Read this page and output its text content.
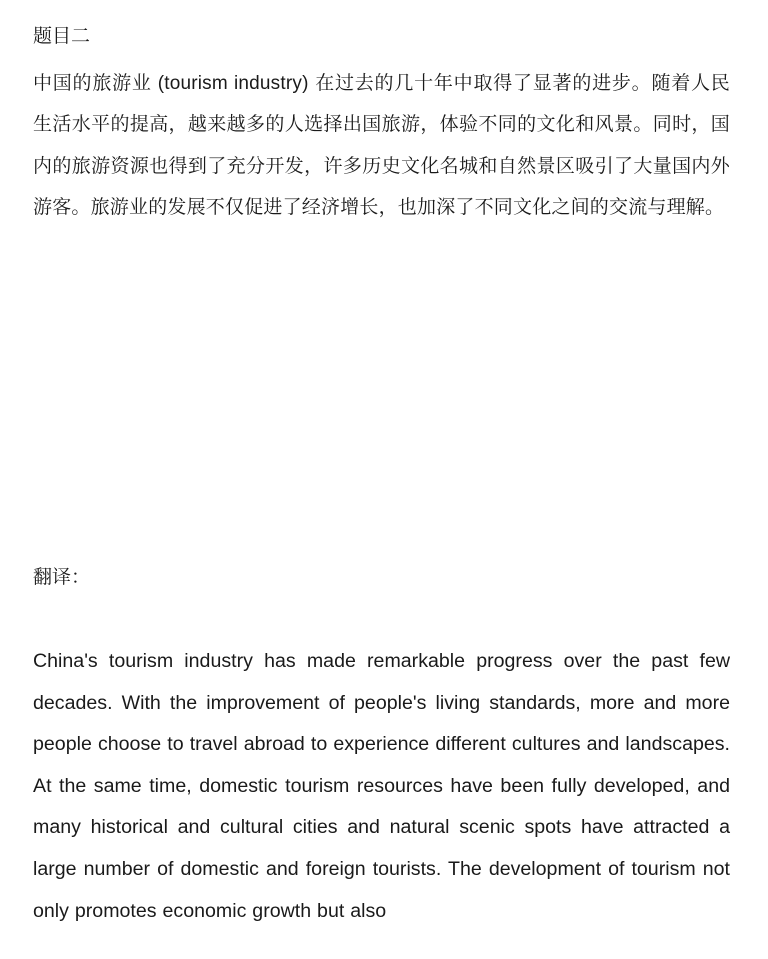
题目二

中国的旅游业 (tourism industry) 在过去的几十年中取得了显著的进步。随着人民生活水平的提高，越来越多的人选择出国旅游，体验不同的文化和风景。同时，国内的旅游资源也得到了充分开发，许多历史文化名城和自然景区吸引了大量国内外游客。旅游业的发展不仅促进了经济增长，也加深了不同文化之间的交流与理解。

翻译：

China's tourism industry has made remarkable progress over the past few decades. With the improvement of people's living standards, more and more people choose to travel abroad to experience different cultures and landscapes. At the same time, domestic tourism resources have been fully developed, and many historical and cultural cities and natural scenic spots have attracted a large number of domestic and foreign tourists. The development of tourism not only promotes economic growth but also
